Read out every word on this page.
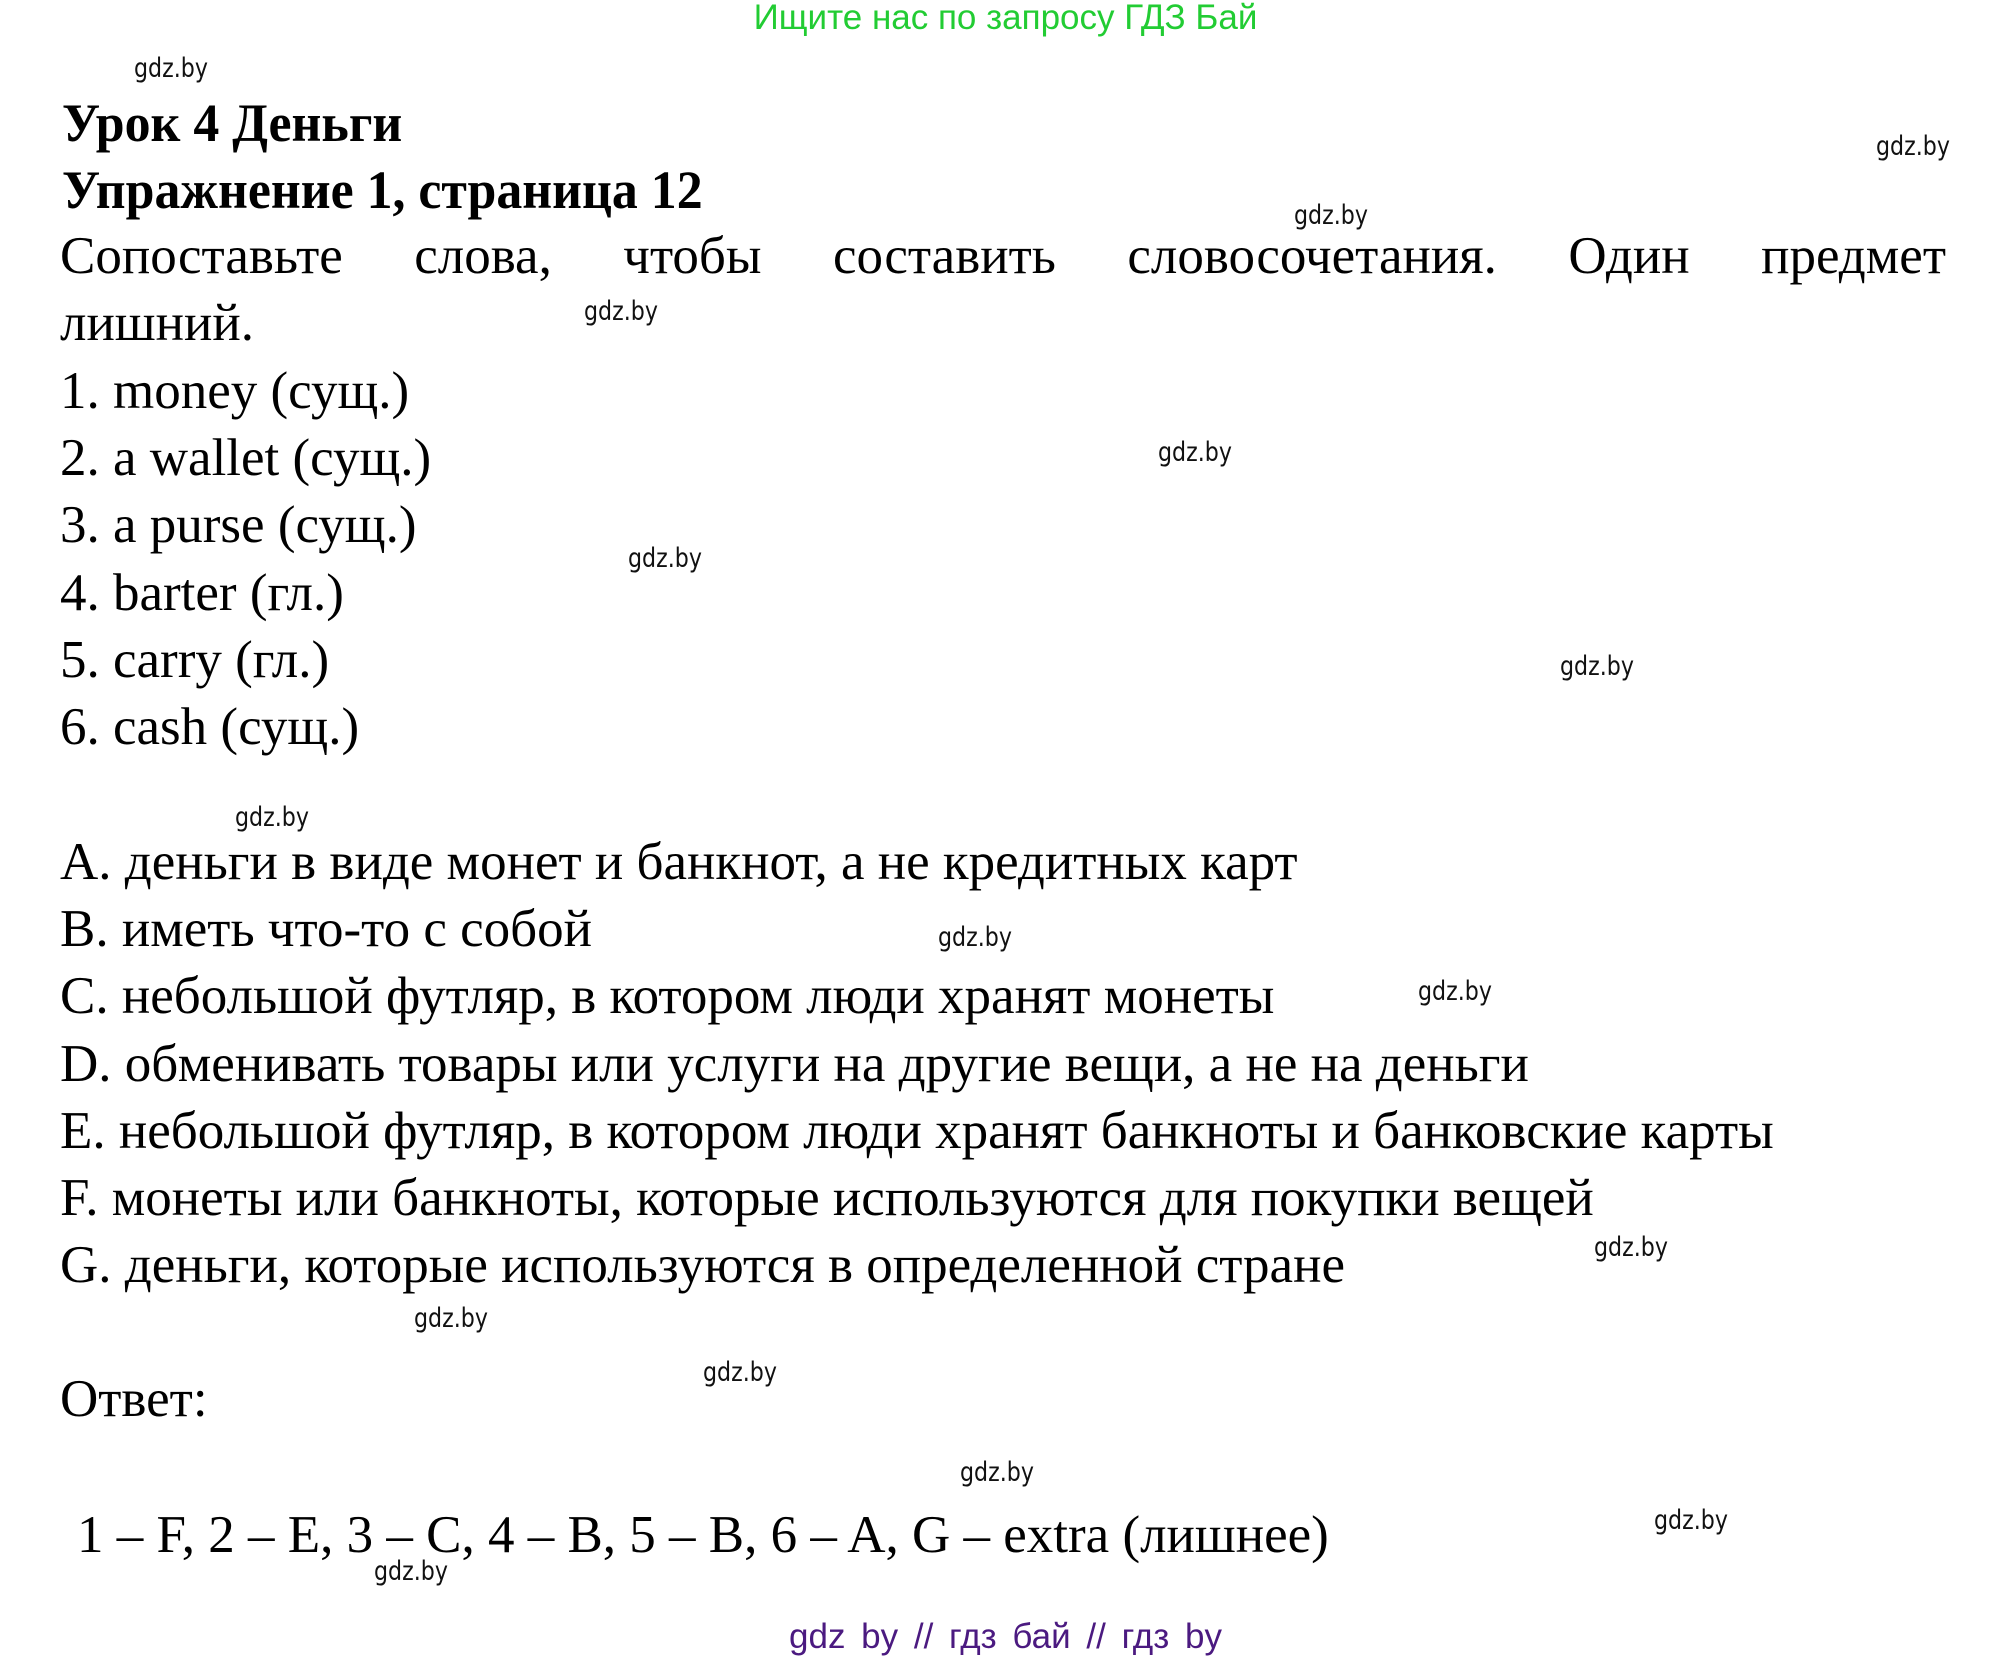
Ищите нас по запросу ГДЗ Бай
Урок 4 Деньги
Упражнение 1, страница 12
Сопоставьте слова, чтобы составить словосочетания. Один предмет
лишний.
1. money (сущ.)
2. a wallet (сущ.)
3. a purse (сущ.)
4. barter (гл.)
5. carry (гл.)
6. cash (сущ.)
A. деньги в виде монет и банкнот, а не кредитных карт
B. иметь что-то с собой
C. небольшой футляр, в котором люди хранят монеты
D. обменивать товары или услуги на другие вещи, а не на деньги
E. небольшой футляр, в котором люди хранят банкноты и банковские карты
F. монеты или банкноты, которые используются для покупки вещей
G. деньги, которые используются в определенной стране
Ответ:
1 – F, 2 – E, 3 – C, 4 – B, 5 – B, 6 – A, G – extra (лишнее)
gdz.by
gdz.by
gdz.by
gdz.by
gdz.by
gdz.by
gdz.by
gdz.by
gdz.by
gdz.by
gdz.by
gdz.by
gdz.by
gdz.by
gdz.by
gdz.by
gdz by // гдз бай // гдз by
